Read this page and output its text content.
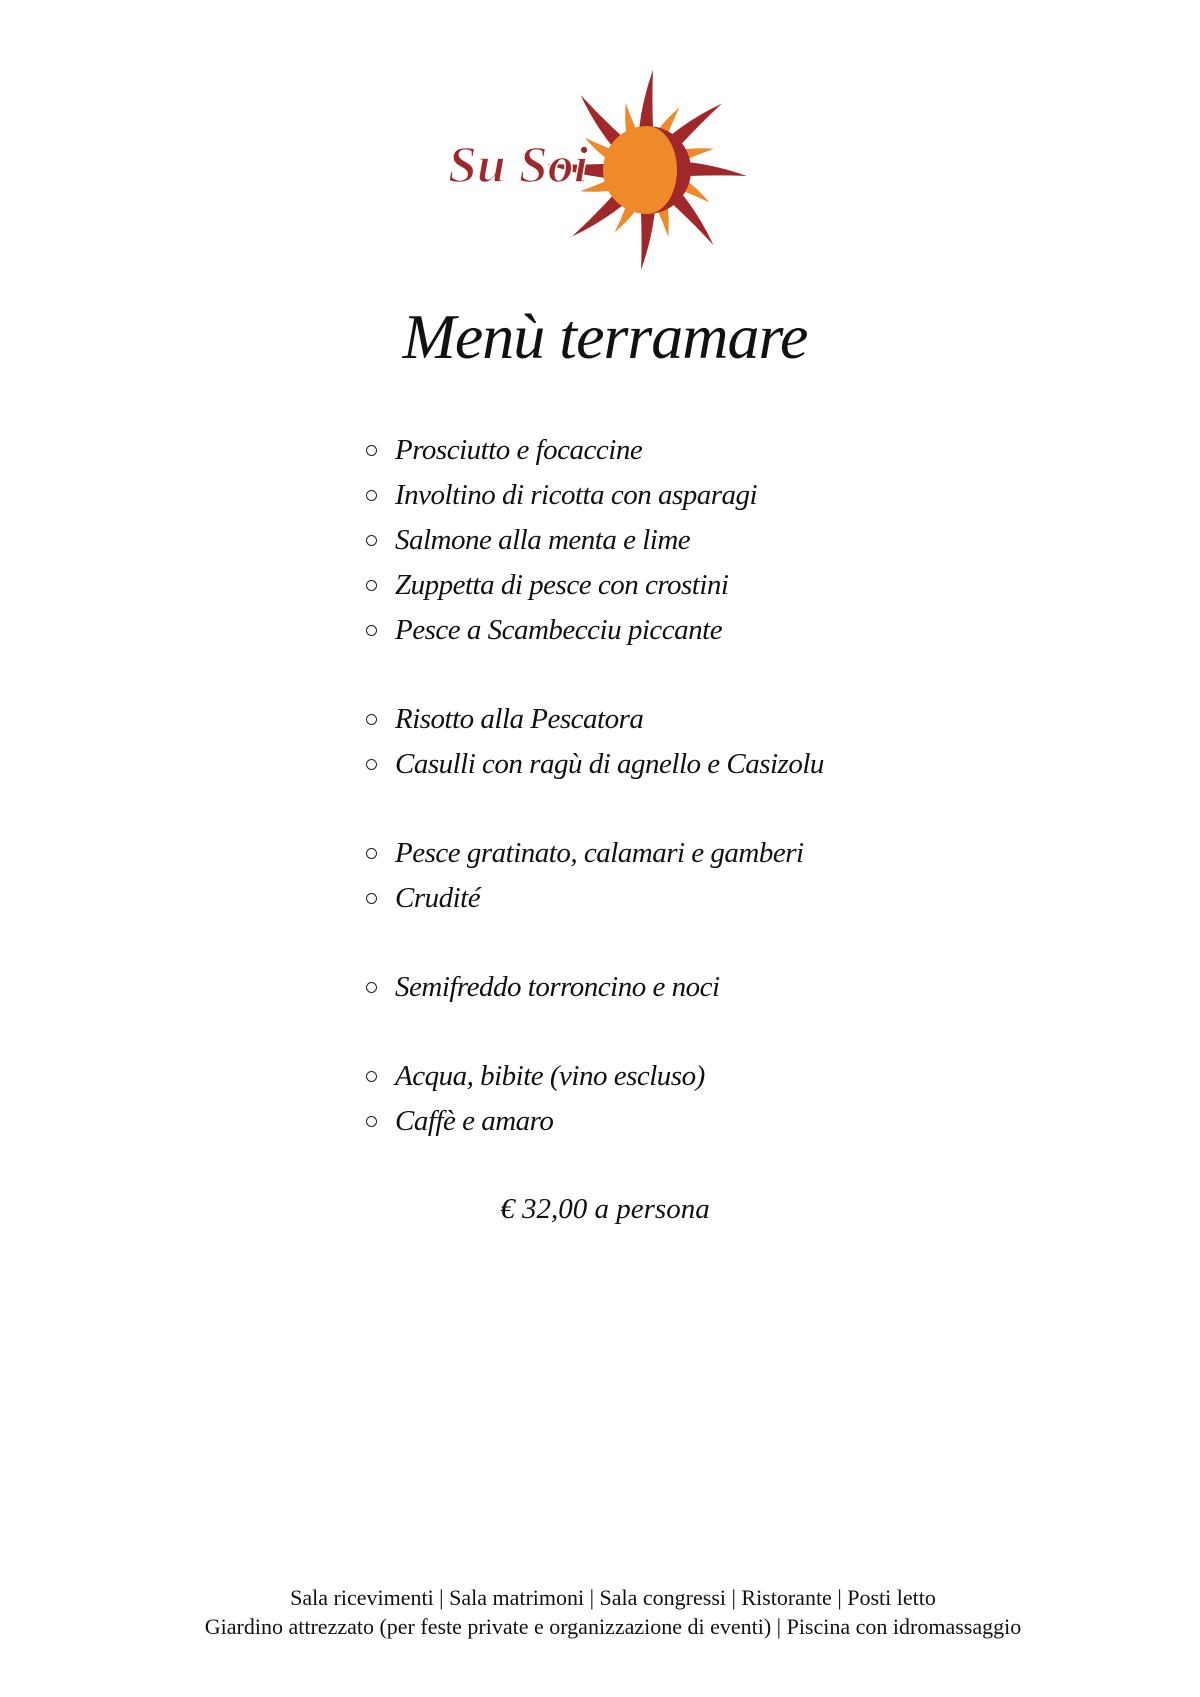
Su Soi
Menù terramare
Prosciutto e focaccine
Involtino di ricotta con asparagi
Salmone alla menta e lime
Zuppetta di pesce con crostini
Pesce a Scambecciu piccante
Risotto alla Pescatora
Casulli con ragù di agnello e Casizolu
Pesce gratinato, calamari e gamberi
Crudité
Semifreddo torroncino e noci
Acqua, bibite (vino escluso)
Caffè e amaro
€ 32,00 a persona
Sala ricevimenti | Sala matrimoni | Sala congressi | Ristorante | Posti letto
Giardino attrezzato (per feste private e organizzazione di eventi) | Piscina con idromassaggio
